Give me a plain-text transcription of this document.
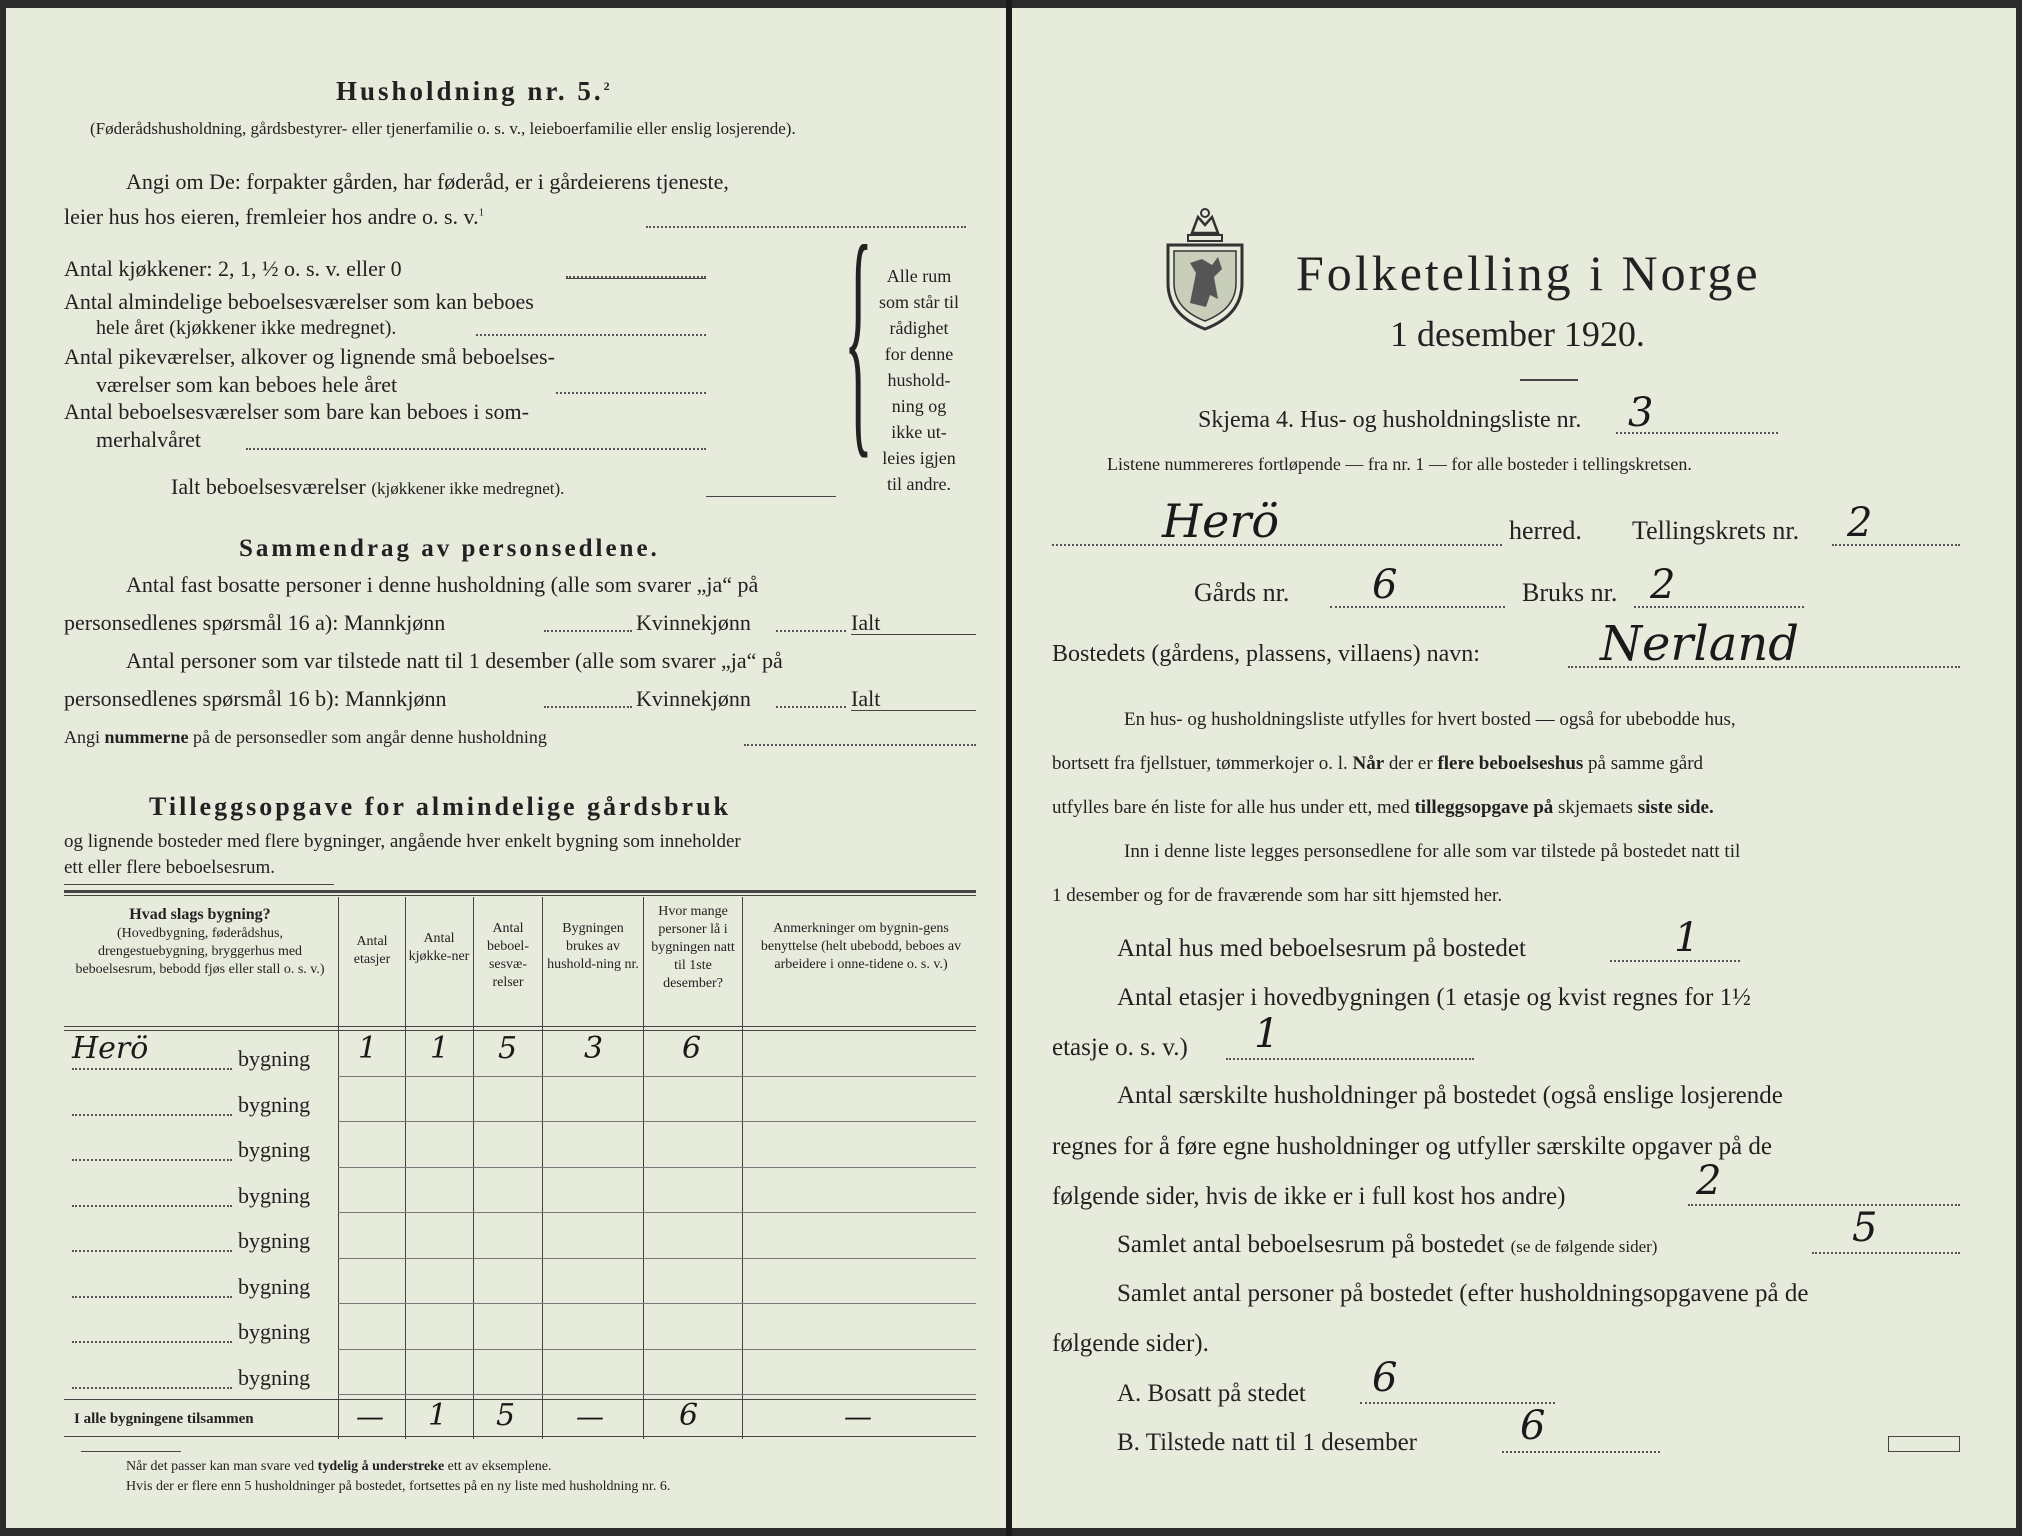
Husholdning nr. 5.$^2$
(Føderådshusholdning, gårdsbestyrer- eller tjenerfamilie o. s. v., leieboerfamilie eller enslig losjerende).
Angi om De: forpakter gården, har føderåd, er i gårdeierens tjeneste,
leier hus hos eieren, fremleier hos andre o. s. v.$^1$
Antal kjøkkener: 2, 1, ½ o. s. v. eller 0
Antal almindelige beboelsesværelser som kan beboes
hele året (kjøkkener ikke medregnet).
Antal pikeværelser, alkover og lignende små beboelses-
værelser som kan beboes hele året
Antal beboelsesværelser som bare kan beboes i som-
merhalvåret
Ialt beboelsesværelser (kjøkkener ikke medregnet).
{ Alle rum
som står til
rådighet
for denne
hushold-
ning og
ikke ut-
leies igjen
til andre.
Sammendrag av personsedlene.
Antal fast bosatte personer i denne husholdning (alle som svarer „ja“ på
personsedlenes spørsmål 16 a): Mannkjønn	Kvinnekjønn	Ialt
Antal personer som var tilstede natt til 1 desember (alle som svarer „ja“ på
personsedlenes spørsmål 16 b): Mannkjønn	Kvinnekjønn	Ialt
Angi nummerne på de personsedler som angår denne husholdning
Tilleggsopgave for almindelige gårdsbruk
og lignende bosteder med flere bygninger, angående hver enkelt bygning som inneholder
ett eller flere beboelsesrum.
Hvad slags bygning?
(Hovedbygning, føderådshus, drengestuebygning, bryggerhus med beboelsesrum, bebodd fjøs eller stall o. s. v.)
Antal etasjer
Antal kjøkke-ner
Antal beboel-sesvæ-relser
Bygningen brukes av hushold-ning nr.
Hvor mange personer lå i bygningen natt til 1ste desember?
Anmerkninger om bygnin-gens benyttelse (helt ubebodd, beboes av arbeidere i onne-tidene o. s. v.)
Herö	bygning 1 1 5 3	6
bygning
bygning
bygning
bygning
bygning
bygning
bygning
I alle bygningene tilsammen	— 1 5 —	6	—
Når det passer kan man svare ved tydelig å understreke ett av eksemplene.
Hvis der er flere enn 5 husholdninger på bostedet, fortsettes på en ny liste med husholdning nr. 6.
Folketelling i Norge
1 desember 1920.
Skjema 4. Hus- og husholdningsliste nr. 3
Listene nummereres fortløpende — fra nr. 1 — for alle bosteder i tellingskretsen.
Herö	herred. Tellingskrets nr. 2
Gårds nr. 6	Bruks nr. 2
Bostedets (gårdens, plassens, villaens) navn:	Nerland
En hus- og husholdningsliste utfylles for hvert bosted — også for ubebodde hus,
bortsett fra fjellstuer, tømmerkojer o. l. Når der er flere beboelseshus på samme gård
utfylles bare én liste for alle hus under ett, med tilleggsopgave på skjemaets siste side.
Inn i denne liste legges personsedlene for alle som var tilstede på bostedet natt til
1 desember og for de fraværende som har sitt hjemsted her.
Antal hus med beboelsesrum på bostedet	1
Antal etasjer i hovedbygningen (1 etasje og kvist regnes for 1½
etasje o. s. v.) 1
Antal særskilte husholdninger på bostedet (også enslige losjerende
regnes for å føre egne husholdninger og utfyller særskilte opgaver på de
følgende sider, hvis de ikke er i full kost hos andre)	2
Samlet antal beboelsesrum på bostedet (se de følgende sider)	5
Samlet antal personer på bostedet (efter husholdningsopgavene på de
følgende sider).
A. Bosatt på stedet 6
B. Tilstede natt til 1 desember	6
